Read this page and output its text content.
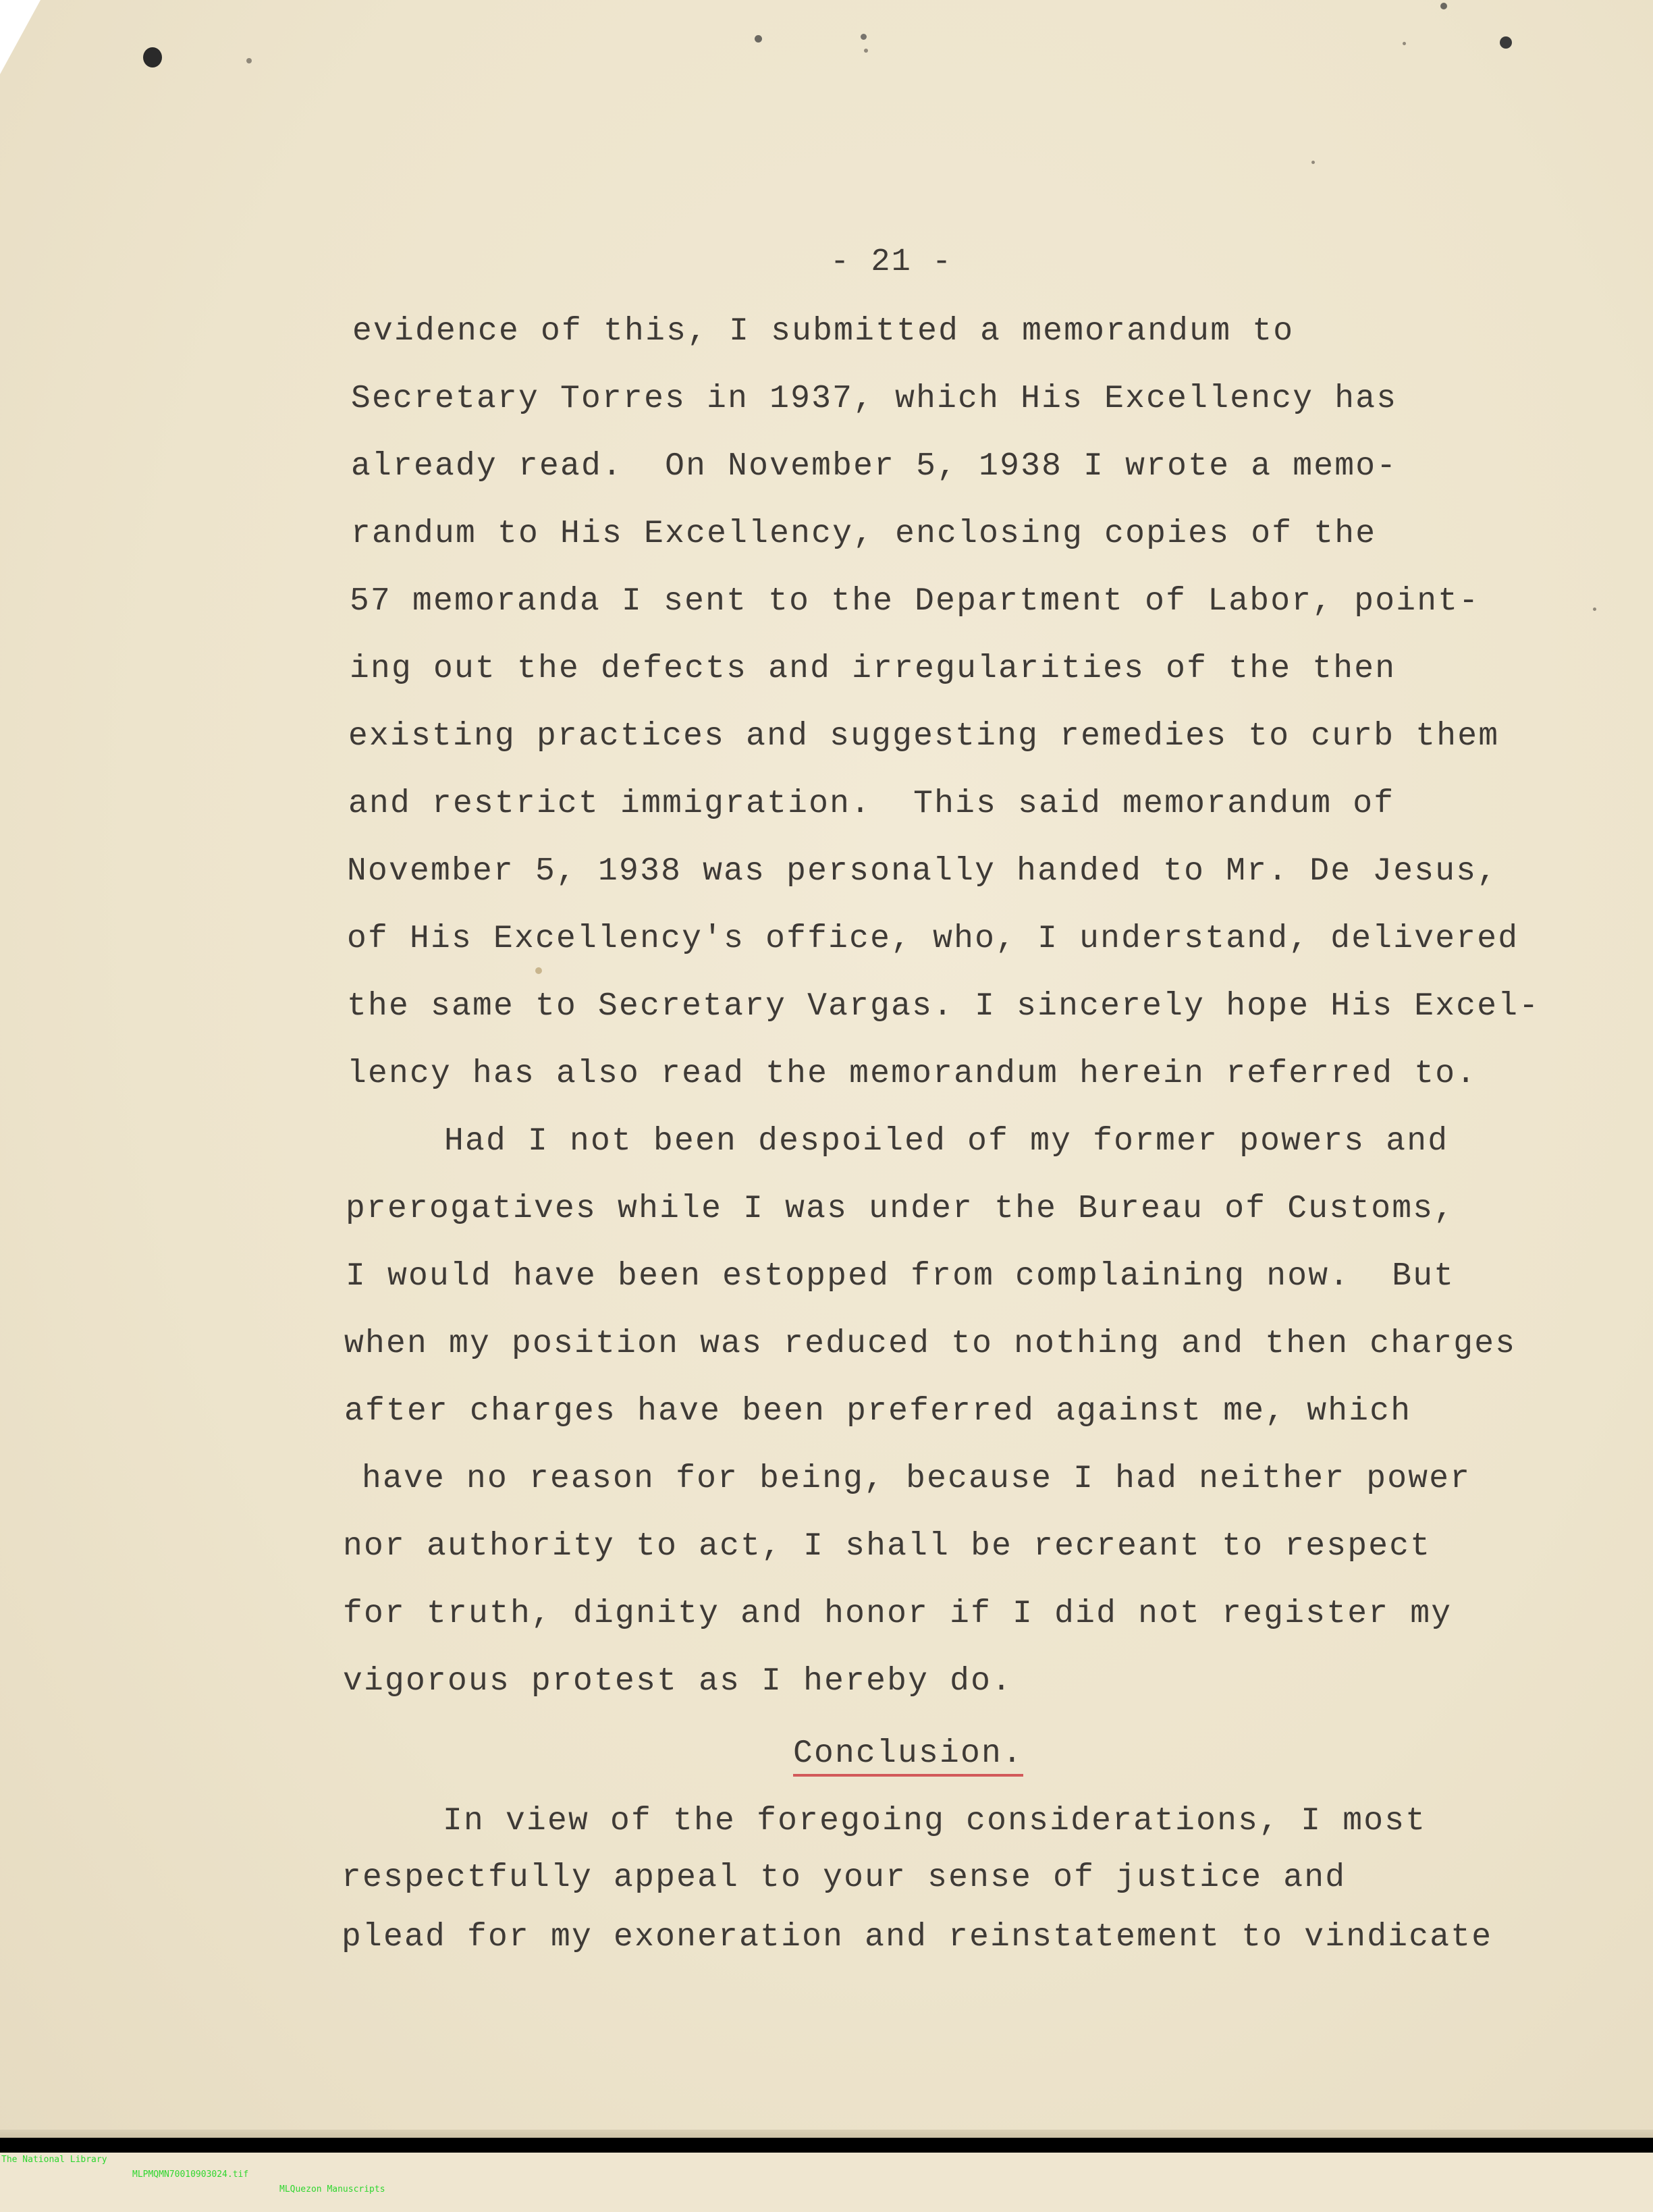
- 21 -
evidence of this, I submitted a memorandum to
Secretary Torres in 1937, which His Excellency has
already read.  On November 5, 1938 I wrote a memo-
randum to His Excellency, enclosing copies of the
57 memoranda I sent to the Department of Labor, point-
ing out the defects and irregularities of the then
existing practices and suggesting remedies to curb them
and restrict immigration.  This said memorandum of
November 5, 1938 was personally handed to Mr. De Jesus,
of His Excellency's office, who, I understand, delivered
the same to Secretary Vargas. I sincerely hope His Excel-
lency has also read the memorandum herein referred to.
Had I not been despoiled of my former powers and
prerogatives while I was under the Bureau of Customs,
I would have been estopped from complaining now.  But
when my position was reduced to nothing and then charges
after charges have been preferred against me, which
have no reason for being, because I had neither power
nor authority to act, I shall be recreant to respect
for truth, dignity and honor if I did not register my
vigorous protest as I hereby do.
Conclusion.
In view of the foregoing considerations, I most
respectfully appeal to your sense of justice and
plead for my exoneration and reinstatement to vindicate

The National Library

MLPMQMN70010903024.tif

MLQuezon Manuscripts
